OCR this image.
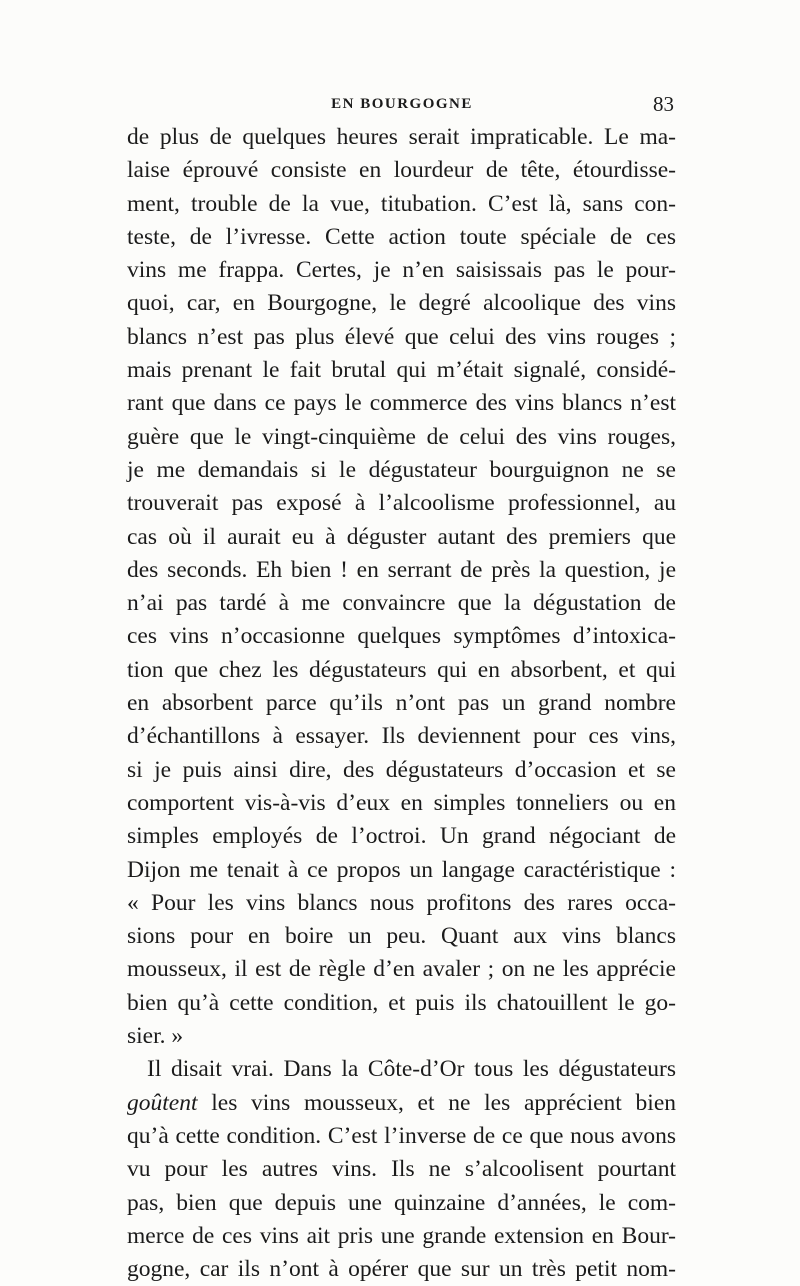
EN BOURGOGNE	83
de plus de quelques heures serait impraticable. Le ma-
laise éprouvé consiste en lourdeur de tête, étourdisse-
ment, trouble de la vue, titubation. C’est là, sans con-
teste, de l’ivresse. Cette action toute spéciale de ces
vins me frappa. Certes, je n’en saisissais pas le pour-
quoi, car, en Bourgogne, le degré alcoolique des vins
blancs n’est pas plus élevé que celui des vins rouges ;
mais prenant le fait brutal qui m’était signalé, considé-
rant que dans ce pays le commerce des vins blancs n’est
guère que le vingt-cinquième de celui des vins rouges,
je me demandais si le dégustateur bourguignon ne se
trouverait pas exposé à l’alcoolisme professionnel, au
cas où il aurait eu à déguster autant des premiers que
des seconds. Eh bien ! en serrant de près la question, je
n’ai pas tardé à me convaincre que la dégustation de
ces vins n’occasionne quelques symptômes d’intoxica-
tion que chez les dégustateurs qui en absorbent, et qui
en absorbent parce qu’ils n’ont pas un grand nombre
d’échantillons à essayer. Ils deviennent pour ces vins,
si je puis ainsi dire, des dégustateurs d’occasion et se
comportent vis-à-vis d’eux en simples tonneliers ou en
simples employés de l’octroi. Un grand négociant de
Dijon me tenait à ce propos un langage caractéristique :
« Pour les vins blancs nous profitons des rares occa-
sions pour en boire un peu. Quant aux vins blancs
mousseux, il est de règle d’en avaler ; on ne les apprécie
bien qu’à cette condition, et puis ils chatouillent le go-
sier. »
Il disait vrai. Dans la Côte-d’Or tous les dégustateurs
goûtent les vins mousseux, et ne les apprécient bien
qu’à cette condition. C’est l’inverse de ce que nous avons
vu pour les autres vins. Ils ne s’alcoolisent pourtant
pas, bien que depuis une quinzaine d’années, le com-
merce de ces vins ait pris une grande extension en Bour-
gogne, car ils n’ont à opérer que sur un très petit nom-
